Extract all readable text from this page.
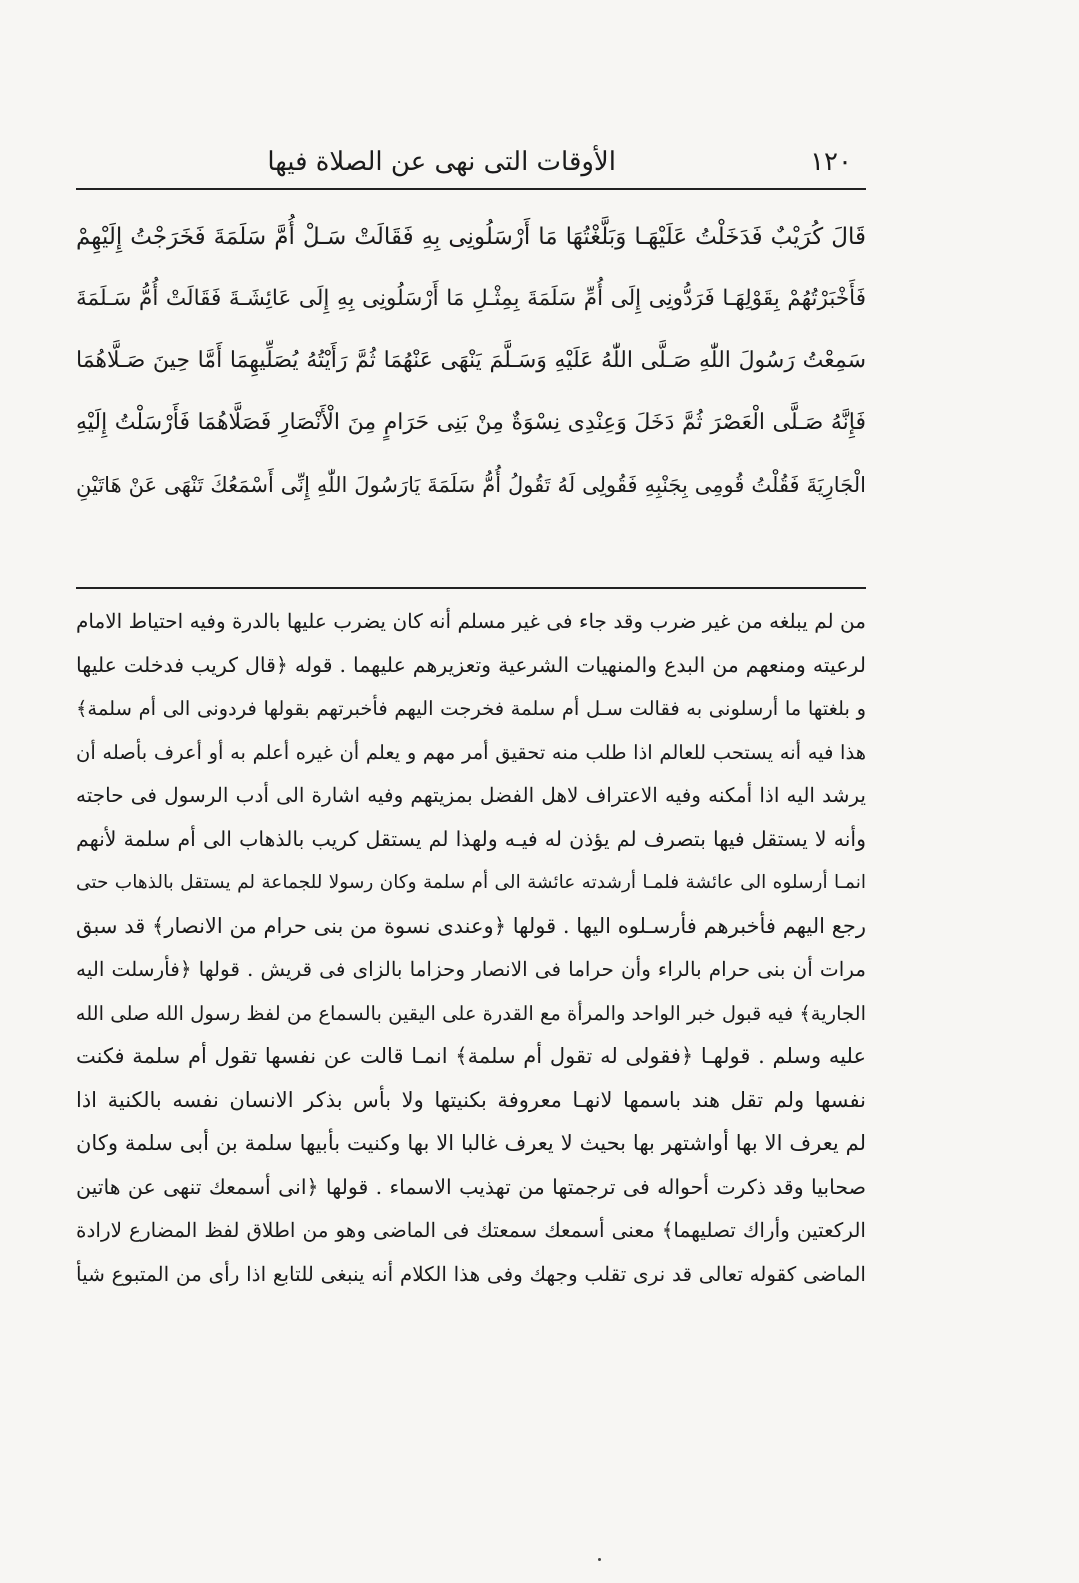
١٢٠
الأوقات التى نهى عن الصلاة فيها
قَالَ كُرَيْبٌ فَدَخَلْتُ عَلَيْهَـا وَبَلَّغْتُهَا مَا أَرْسَلُونِى بِهِ فَقَالَتْ سَـلْ أُمَّ سَلَمَةَ فَخَرَجْتُ إِلَيْهِمْ
فَأَخْبَرْتُهُمْ بِقَوْلِهَـا فَرَدُّونِى إِلَى أُمِّ سَلَمَةَ بِمِثْـلِ مَا أَرْسَلُونِى بِهِ إِلَى عَائِشَـةَ فَقَالَتْ أُمُّ سَـلَمَةَ
سَمِعْتُ رَسُولَ اللّٰهِ صَـلَّى اللّٰهُ عَلَيْهِ وَسَـلَّمَ يَنْهَى عَنْهُمَا ثُمَّ رَأَيْتُهُ يُصَلِّيهِمَا أَمَّا حِينَ صَـلَّاهُمَا
فَإِنَّهُ صَـلَّى الْعَصْرَ ثُمَّ دَخَلَ وَعِنْدِى نِسْوَةٌ مِنْ بَنِى حَرَامٍ مِنَ الْأَنْصَارِ فَصَلَّاهُمَا فَأَرْسَلْتُ إِلَيْهِ
الْجَارِيَةَ فَقُلْتُ قُومِى بِجَنْبِهِ فَقُولِى لَهُ تَقُولُ أُمُّ سَلَمَةَ يَارَسُولَ اللّٰهِ إِنِّى أَسْمَعُكَ تَنْهَى عَنْ هَاتَيْنِ
من لم يبلغه من غير ضرب وقد جاء فى غير مسلم أنه كان يضرب عليها بالدرة وفيه احتياط الامام
لرعيته ومنعهم من البدع والمنهيات الشرعية وتعزيرهم عليهما . قوله ﴿قال كريب فدخلت عليها
و بلغتها ما أرسلونى به فقالت سـل أم سلمة فخرجت اليهم فأخبرتهم بقولها فردونى الى أم سلمة﴾
هذا فيه أنه يستحب للعالم اذا طلب منه تحقيق أمر مهم و يعلم أن غيره أعلم به أو أعرف بأصله أن
يرشد اليه اذا أمكنه وفيه الاعتراف لاهل الفضل بمزيتهم وفيه اشارة الى أدب الرسول فى حاجته
وأنه لا يستقل فيها بتصرف لم يؤذن له فيـه ولهذا لم يستقل كريب بالذهاب الى أم سلمة لأنهم
انمـا أرسلوه الى عائشة فلمـا أرشدته عائشة الى أم سلمة وكان رسولا للجماعة لم يستقل بالذهاب حتى
رجع اليهم فأخبرهم فأرسـلوه اليها . قولها ﴿وعندى نسوة من بنى حرام من الانصار﴾ قد سبق
مرات أن بنى حرام بالراء وأن حراما فى الانصار وحزاما بالزاى فى قريش . قولها ﴿فأرسلت اليه
الجارية﴾ فيه قبول خبر الواحد والمرأة مع القدرة على اليقين بالسماع من لفظ رسول الله صلى الله
عليه وسلم . قولهـا ﴿فقولى له تقول أم سلمة﴾ انمـا قالت عن نفسها تقول أم سلمة فكنت
نفسها ولم تقل هند باسمها لانهـا معروفة بكنيتها ولا بأس بذكر الانسان نفسه بالكنية اذا
لم يعرف الا بها أواشتهر بها بحيث لا يعرف غالبا الا بها وكنيت بأبيها سلمة بن أبى سلمة وكان
صحابيا وقد ذكرت أحواله فى ترجمتها من تهذيب الاسماء . قولها ﴿انى أسمعك تنهى عن هاتين
الركعتين وأراك تصليهما﴾ معنى أسمعك سمعتك فى الماضى وهو من اطلاق لفظ المضارع لارادة
الماضى كقوله تعالى قد نرى تقلب وجهك وفى هذا الكلام أنه ينبغى للتابع اذا رأى من المتبوع شيأ
